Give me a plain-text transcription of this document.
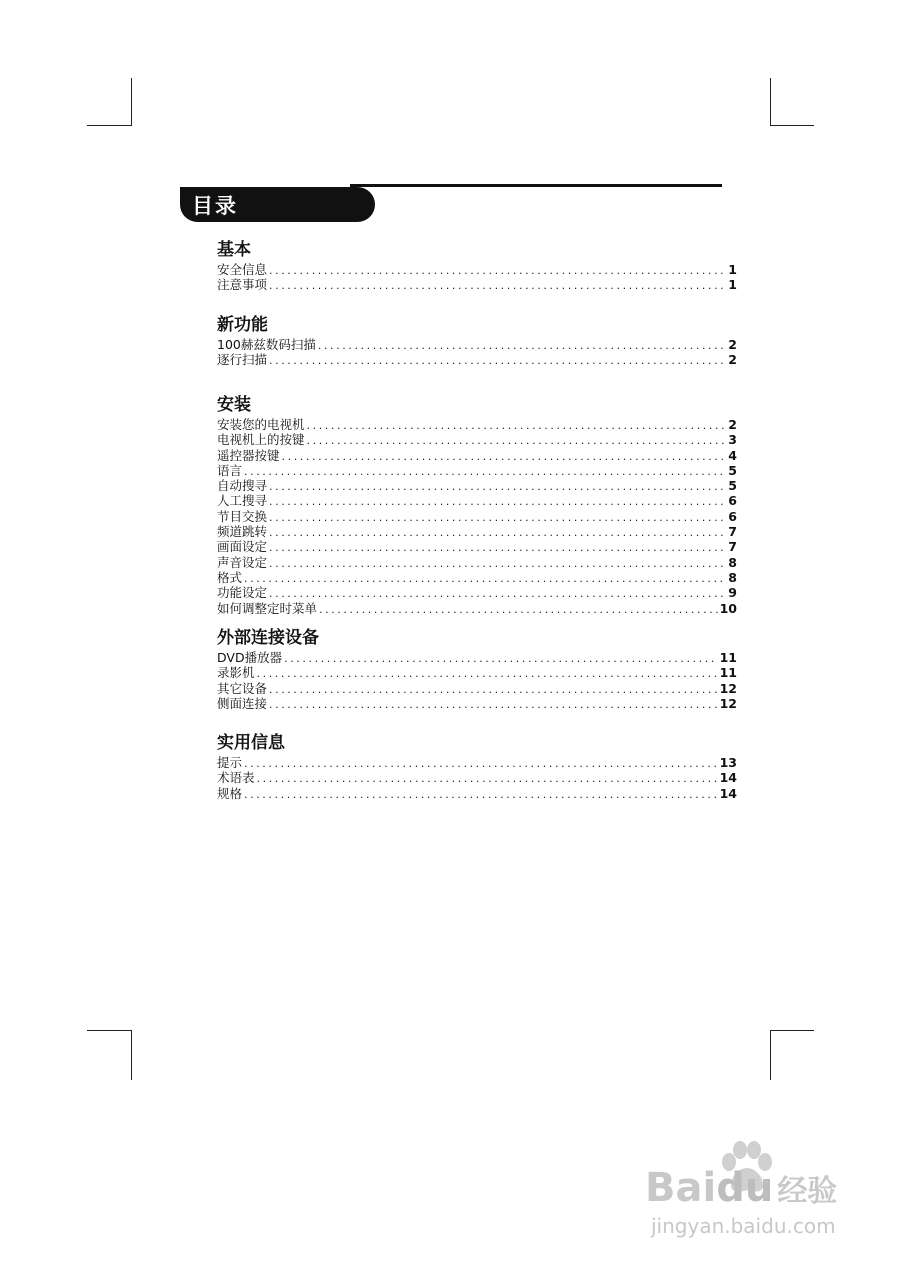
目录
基本
安全信息 .....	1
注意事项 .....	1
新功能
100赫兹数码扫描 .....	2
逐行扫描 .....	2
安装
安装您的电视机 .....	2
电视机上的按键 .....	3
遥控器按键 .....	4
语言 .....	5
自动搜寻 .....	5
人工搜寻 .....	6
节目交换 .....	6
频道跳转 .....	7
画面设定 .....	7
声音设定 .....	8
格式 .....	8
功能设定 .....	9
如何调整定时菜单 .....	10
外部连接设备
DVD播放器 .....	11
录影机 .....	11
其它设备 .....	12
侧面连接 .....	12
实用信息
提示 .....	13
术语表 .....	14
规格 .....	14
Baidu 经验
jingyan.baidu.com
